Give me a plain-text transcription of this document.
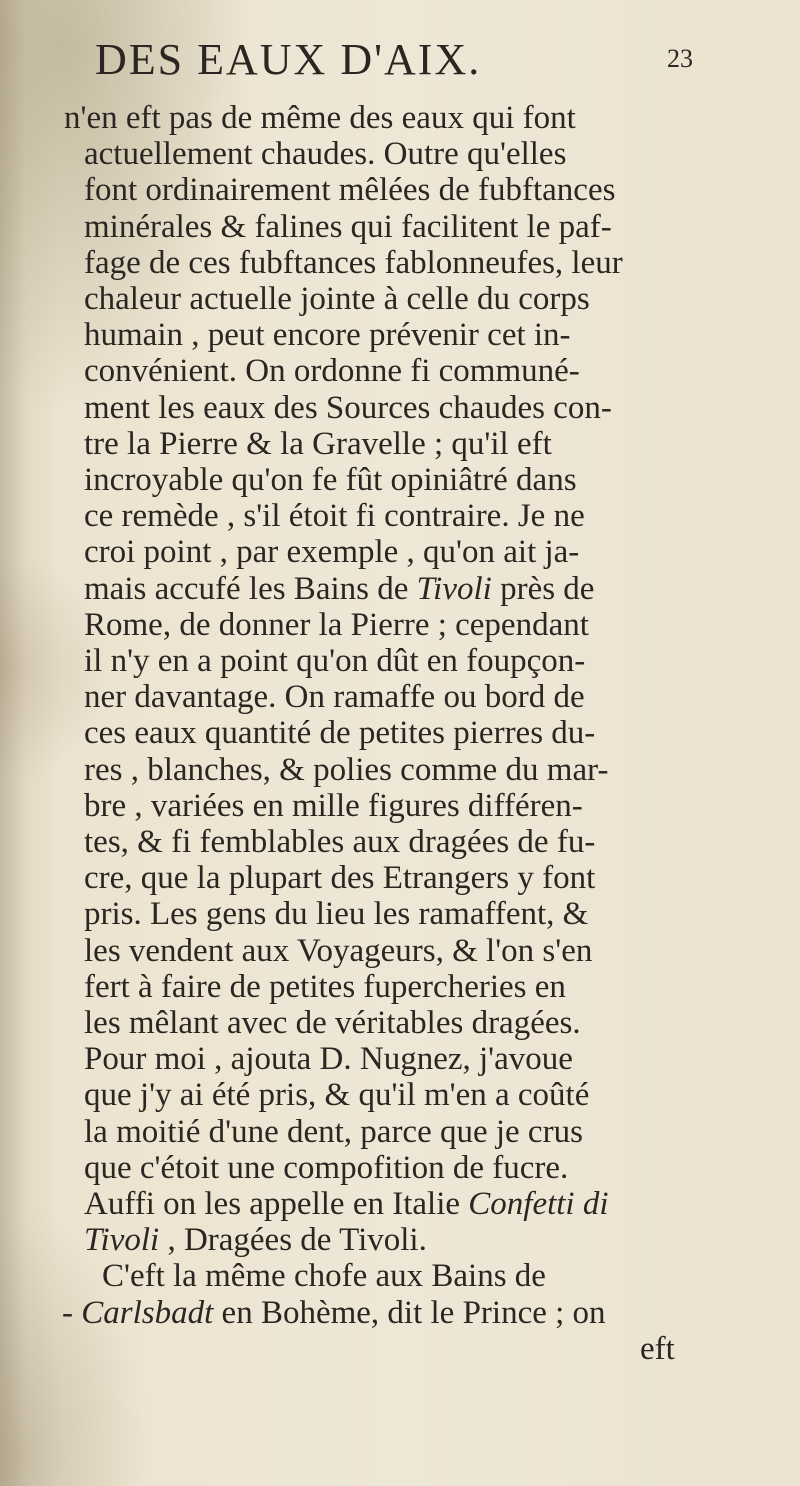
DES EAUX D'AIX.	23
n'en eft pas de même des eaux qui font
actuellement chaudes. Outre qu'elles
font ordinairement mêlées de fubftances
minérales & falines qui facilitent le paf-
fage de ces fubftances fablonneufes, leur
chaleur actuelle jointe à celle du corps
humain , peut encore prévenir cet in-
convénient. On ordonne fi communé-
ment les eaux des Sources chaudes con-
tre la Pierre & la Gravelle ; qu'il eft
incroyable qu'on fe fût opiniâtré dans
ce remède , s'il étoit fi contraire. Je ne
croi point , par exemple , qu'on ait ja-
mais accufé les Bains de Tivoli près de
Rome, de donner la Pierre ; cependant
il n'y en a point qu'on dût en foupçon-
ner davantage. On ramaffe ou bord de
ces eaux quantité de petites pierres du-
res , blanches, & polies comme du mar-
bre , variées en mille figures différen-
tes, & fi femblables aux dragées de fu-
cre, que la plupart des Etrangers y font
pris. Les gens du lieu les ramaffent, &
les vendent aux Voyageurs, & l'on s'en
fert à faire de petites fupercheries en
les mêlant avec de véritables dragées.
Pour moi , ajouta D. Nugnez, j'avoue
que j'y ai été pris, & qu'il m'en a coûté
la moitié d'une dent, parce que je crus
que c'étoit une compofition de fucre.
Auffi on les appelle en Italie Confetti di
Tivoli , Dragées de Tivoli.
C'eft la même chofe aux Bains de
- Carlsbadt en Bohème, dit le Prince ; on
eft
